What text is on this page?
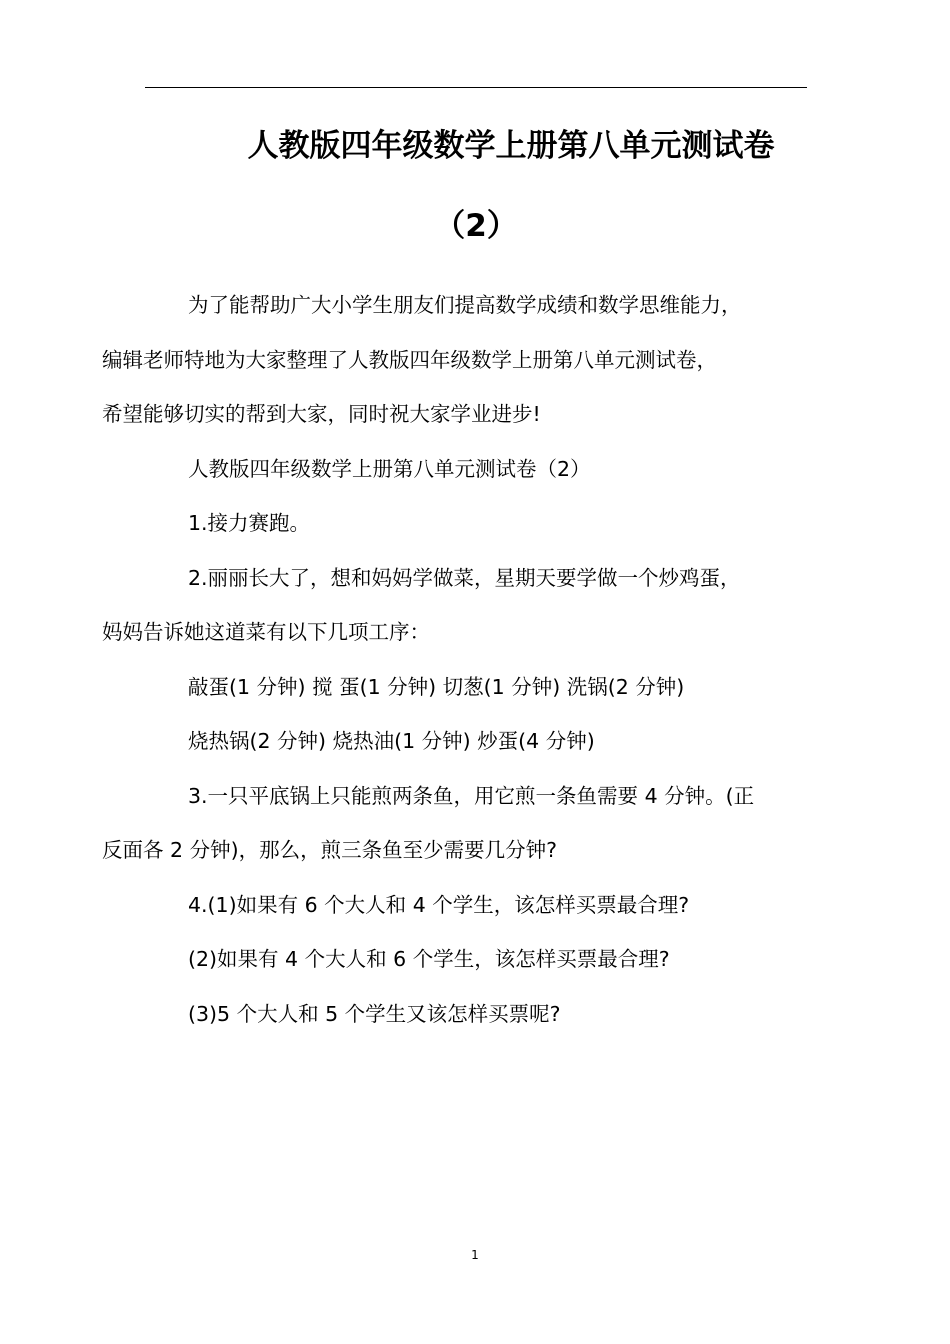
人教版四年级数学上册第八单元测试卷
（2）

为了能帮助广大小学生朋友们提高数学成绩和数学思维能力，
编辑老师特地为大家整理了人教版四年级数学上册第八单元测试卷，
希望能够切实的帮到大家，同时祝大家学业进步!

人教版四年级数学上册第八单元测试卷（2）

1.接力赛跑。

2.丽丽长大了，想和妈妈学做菜，星期天要学做一个炒鸡蛋，
妈妈告诉她这道菜有以下几项工序：

敲蛋(1 分钟) 搅 蛋(1 分钟) 切葱(1 分钟) 洗锅(2 分钟)

烧热锅(2 分钟) 烧热油(1 分钟) 炒蛋(4 分钟)

3.一只平底锅上只能煎两条鱼，用它煎一条鱼需要 4 分钟。(正
反面各 2 分钟)，那么，煎三条鱼至少需要几分钟?

4.(1)如果有 6 个大人和 4 个学生，该怎样买票最合理?

(2)如果有 4 个大人和 6 个学生，该怎样买票最合理?

(3)5 个大人和 5 个学生又该怎样买票呢?

1
